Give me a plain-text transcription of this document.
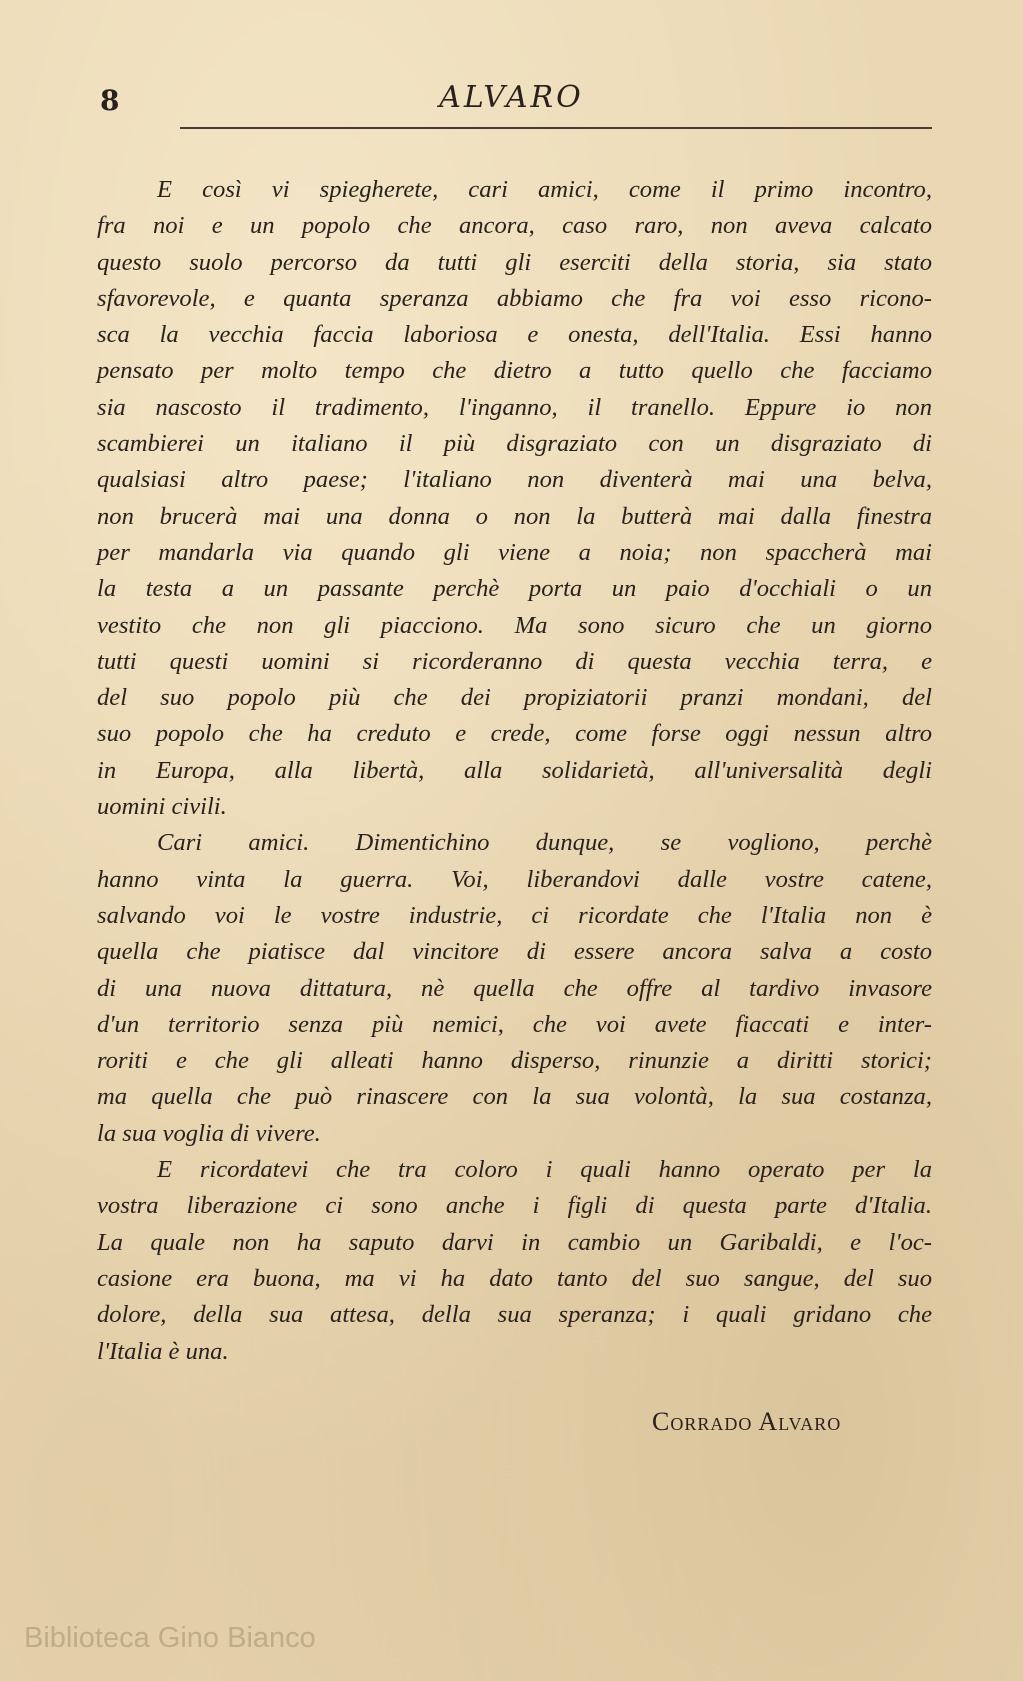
8	ALVARO
E così vi spiegherete, cari amici, come il primo incontro,
fra noi e un popolo che ancora, caso raro, non aveva calcato
questo suolo percorso da tutti gli eserciti della storia, sia stato
sfavorevole, e quanta speranza abbiamo che fra voi esso ricono-
sca la vecchia faccia laboriosa e onesta, dell'Italia. Essi hanno
pensato per molto tempo che dietro a tutto quello che facciamo
sia nascosto il tradimento, l'inganno, il tranello. Eppure io non
scambierei un italiano il più disgraziato con un disgraziato di
qualsiasi altro paese; l'italiano non diventerà mai una belva,
non brucerà mai una donna o non la butterà mai dalla finestra
per mandarla via quando gli viene a noia; non spaccherà mai
la testa a un passante perchè porta un paio d'occhiali o un
vestito che non gli piacciono. Ma sono sicuro che un giorno
tutti questi uomini si ricorderanno di questa vecchia terra, e
del suo popolo più che dei propiziatorii pranzi mondani, del
suo popolo che ha creduto e crede, come forse oggi nessun altro
in Europa, alla libertà, alla solidarietà, all'universalità degli
uomini civili.
Cari amici. Dimentichino dunque, se vogliono, perchè
hanno vinta la guerra. Voi, liberandovi dalle vostre catene,
salvando voi le vostre industrie, ci ricordate che l'Italia non è
quella che piatisce dal vincitore di essere ancora salva a costo
di una nuova dittatura, nè quella che offre al tardivo invasore
d'un territorio senza più nemici, che voi avete fiaccati e inter-
roriti e che gli alleati hanno disperso, rinunzie a diritti storici;
ma quella che può rinascere con la sua volontà, la sua costanza,
la sua voglia di vivere.
E ricordatevi che tra coloro i quali hanno operato per la
vostra liberazione ci sono anche i figli di questa parte d'Italia.
La quale non ha saputo darvi in cambio un Garibaldi, e l'oc-
casione era buona, ma vi ha dato tanto del suo sangue, del suo
dolore, della sua attesa, della sua speranza; i quali gridano che
l'Italia è una.
Corrado Alvaro
Biblioteca Gino Bianco
